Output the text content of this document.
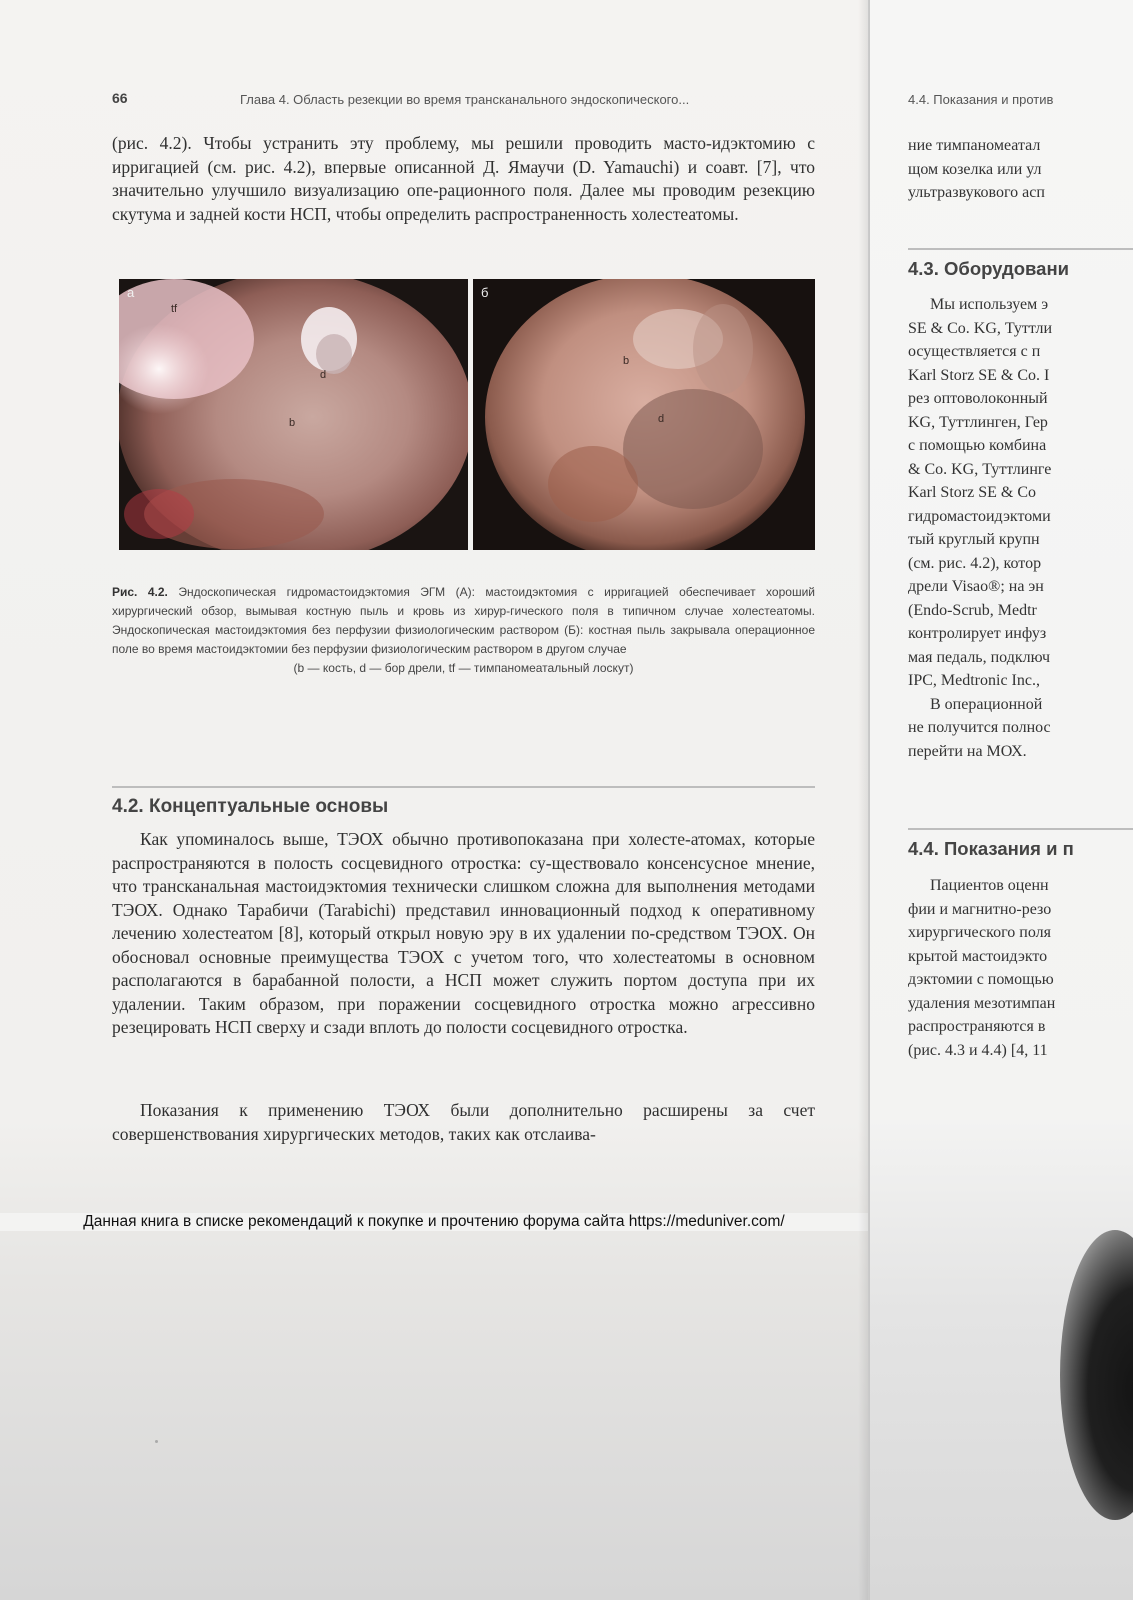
66	Глава 4. Область резекции во время трансканального эндоскопического...
(рис. 4.2). Чтобы устранить эту проблему, мы решили проводить масто-идэктомию с ирригацией (см. рис. 4.2), впервые описанной Д. Ямаучи (D. Yamauchi) и соавт. [7], что значительно улучшило визуализацию опе-рационного поля. Далее мы проводим резекцию скутума и задней кости НСП, чтобы определить распространенность холестеатомы.
а
tf
d
b
б
b
d
Рис. 4.2. Эндоскопическая гидромастоидэктомия ЭГМ (А): мастоидэктомия с ирригацией обеспечивает хороший хирургический обзор, вымывая костную пыль и кровь из хирур-гического поля в типичном случае холестеатомы. Эндоскопическая мастоидэктомия без перфузии физиологическим раствором (Б): костная пыль закрывала операционное поле во время мастоидэктомии без перфузии физиологическим раствором в другом случае
(b — кость, d — бор дрели, tf — тимпаномеатальный лоскут)
4.2. Концептуальные основы
Как упоминалось выше, ТЭОХ обычно противопоказана при холесте-атомах, которые распространяются в полость сосцевидного отростка: су-ществовало консенсусное мнение, что трансканальная мастоидэктомия технически слишком сложна для выполнения методами ТЭОХ. Однако Тарабичи (Tarabichi) представил инновационный подход к оперативному лечению холестеатом [8], который открыл новую эру в их удалении по-средством ТЭОХ. Он обосновал основные преимущества ТЭОХ с учетом того, что холестеатомы в основном располагаются в барабанной полости, а НСП может служить портом доступа при их удалении. Таким образом, при поражении сосцевидного отростка можно агрессивно резецировать НСП сверху и сзади вплоть до полости сосцевидного отростка.
Показания к применению ТЭОХ были дополнительно расширены за счет совершенствования хирургических методов, таких как отслаива-
Данная книга в списке рекомендаций к покупке и прочтению форума сайта https://meduniver.com/
4.4. Показания и против
ние тимпаномеатал
щом козелка или ул
ультразвукового асп
4.3. Оборудовани
Мы используем э
SE & Co. KG, Туттли
осуществляется с п
Karl Storz SE & Co. I
рез оптоволоконный
KG, Туттлинген, Гер
с помощью комбина
& Co. KG, Туттлинге
Karl Storz SE & Co
гидромастоидэктоми
тый круглый крупн
(см. рис. 4.2), котор
дрели Visao®; на эн
(Endo-Scrub, Medtr
контролирует инфуз
мая педаль, подключ
IPC, Medtronic Inc.,
В операционной
не получится полнос
перейти на МОХ.
4.4. Показания и п
Пациентов оценн
фии и магнитно-резо
хирургического поля
крытой мастоидэкто
дэктомии с помощью
удаления мезотимпан
распространяются в
(рис. 4.3 и 4.4) [4, 11
